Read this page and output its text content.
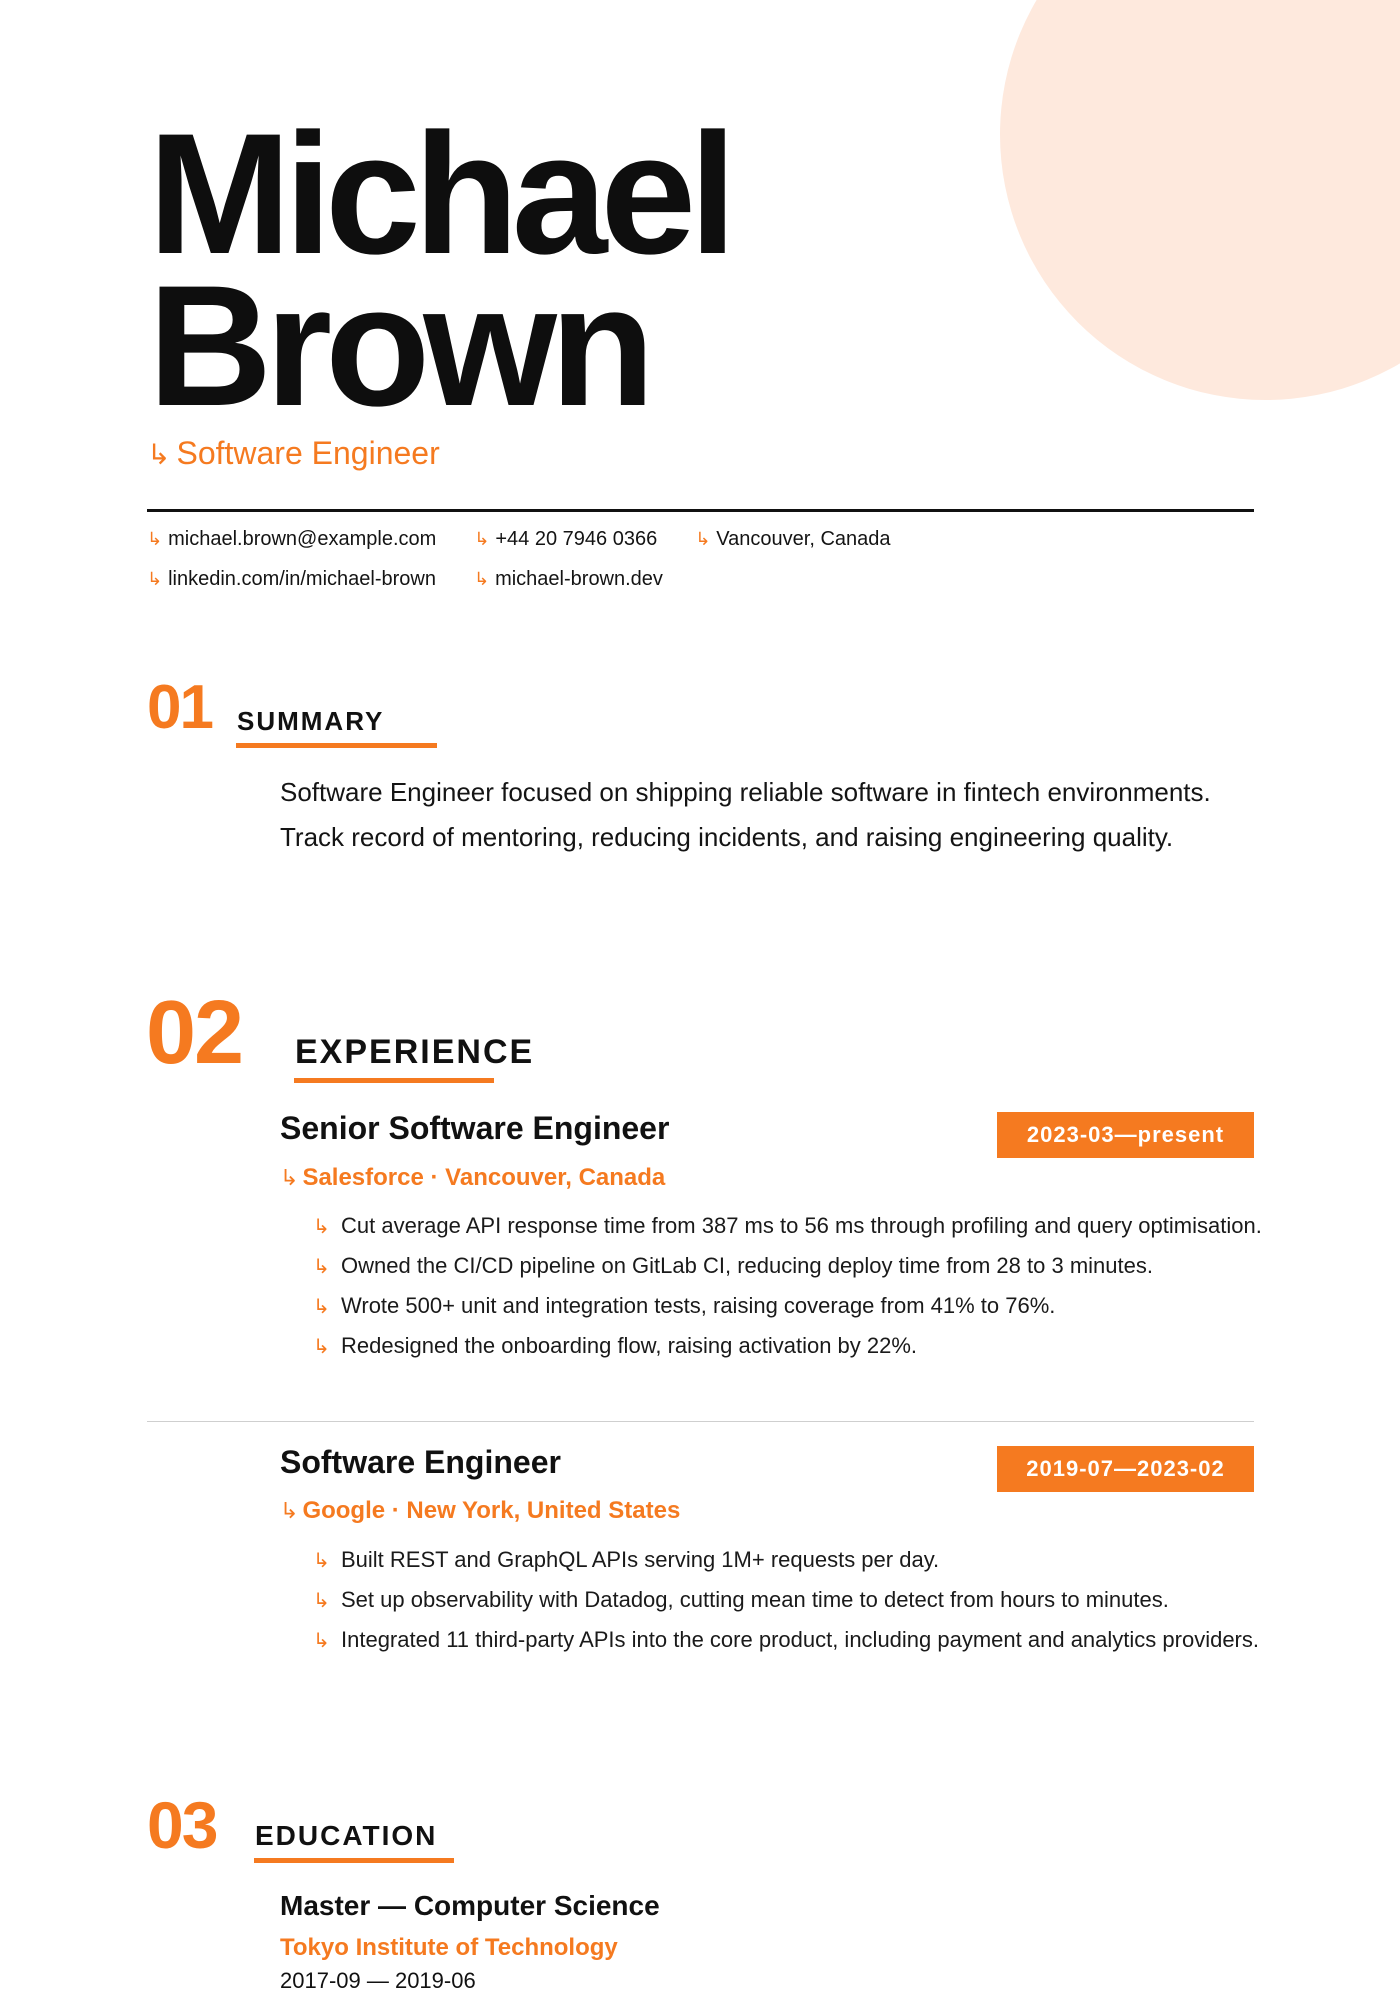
Michael
Brown
↳ Software Engineer
↳ michael.brown@example.com ↳ +44 20 7946 0366 ↳ Vancouver, Canada
↳ linkedin.com/in/michael-brown ↳ michael-brown.dev
01 SUMMARY
Software Engineer focused on shipping reliable software in fintech environments. Track record of mentoring, reducing incidents, and raising engineering quality.
02 EXPERIENCE
Senior Software Engineer	2023-03—present
↳ Salesforce · Vancouver, Canada
↳ Cut average API response time from 387 ms to 56 ms through profiling and query optimisation.
↳ Owned the CI/CD pipeline on GitLab CI, reducing deploy time from 28 to 3 minutes.
↳ Wrote 500+ unit and integration tests, raising coverage from 41% to 76%.
↳ Redesigned the onboarding flow, raising activation by 22%.
Software Engineer	2019-07—2023-02
↳ Google · New York, United States
↳ Built REST and GraphQL APIs serving 1M+ requests per day.
↳ Set up observability with Datadog, cutting mean time to detect from hours to minutes.
↳ Integrated 11 third-party APIs into the core product, including payment and analytics providers.
03 EDUCATION
Master — Computer Science
Tokyo Institute of Technology
2017-09 — 2019-06
